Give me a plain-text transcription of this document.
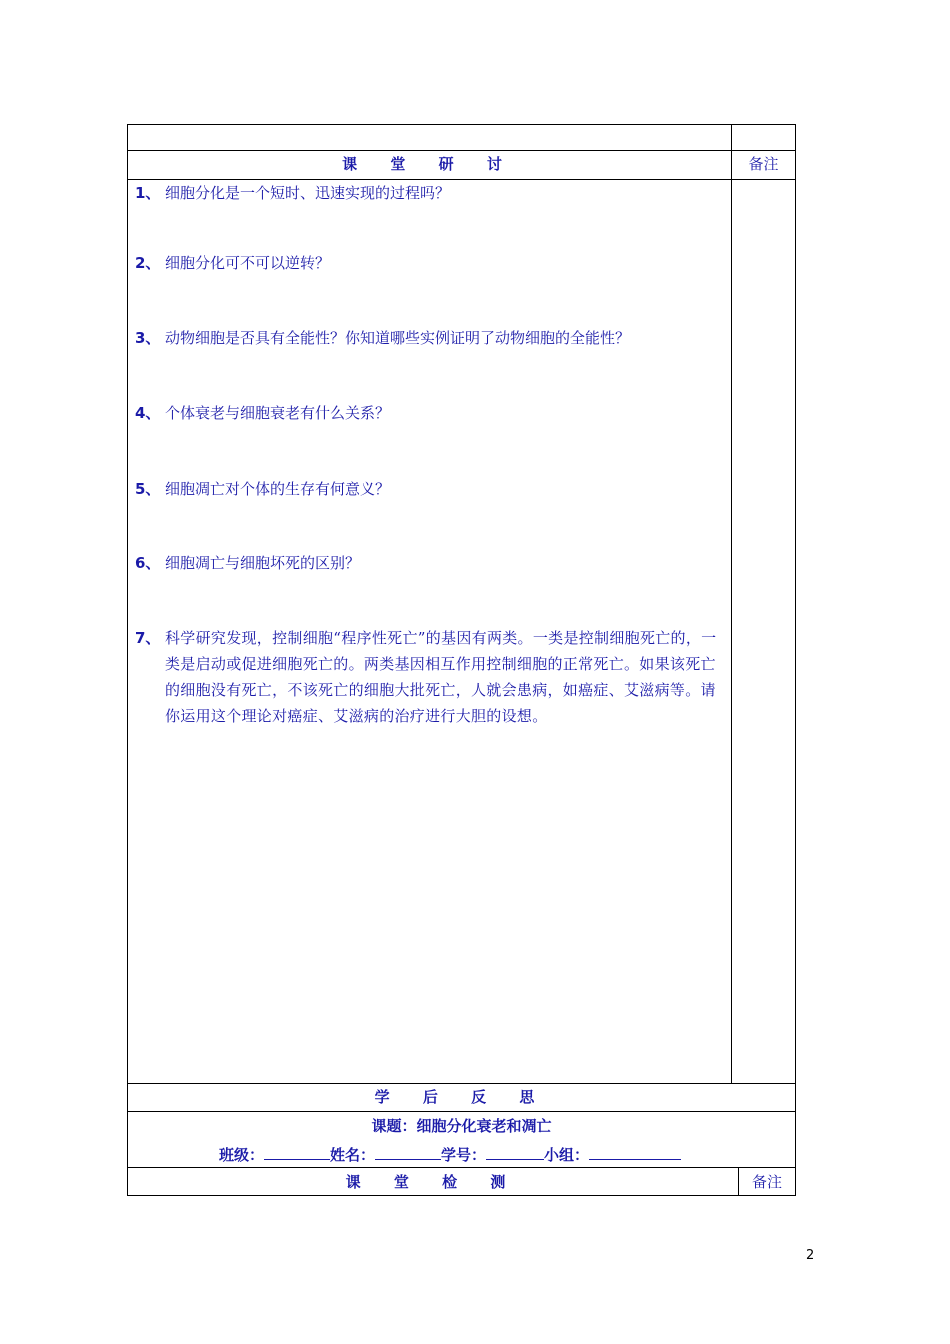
课 堂 研 讨	备注
1、 细胞分化是一个短时、迅速实现的过程吗？
2、 细胞分化可不可以逆转？
3、 动物细胞是否具有全能性？你知道哪些实例证明了动物细胞的全能性？
4、 个体衰老与细胞衰老有什么关系？
5、 细胞凋亡对个体的生存有何意义？
6、 细胞凋亡与细胞坏死的区别？
7、 科学研究发现，控制细胞“程序性死亡”的基因有两类。一类是控制细胞死亡的，一类是启动或促进细胞死亡的。两类基因相互作用控制细胞的正常死亡。如果该死亡的细胞没有死亡，不该死亡的细胞大批死亡，人就会患病，如癌症、艾滋病等。请你运用这个理论对癌症、艾滋病的治疗进行大胆的设想。
学 后 反 思
课题：细胞分化衰老和凋亡
班级：	姓名：	学号：	小组：
课 堂 检 测	备注
2
